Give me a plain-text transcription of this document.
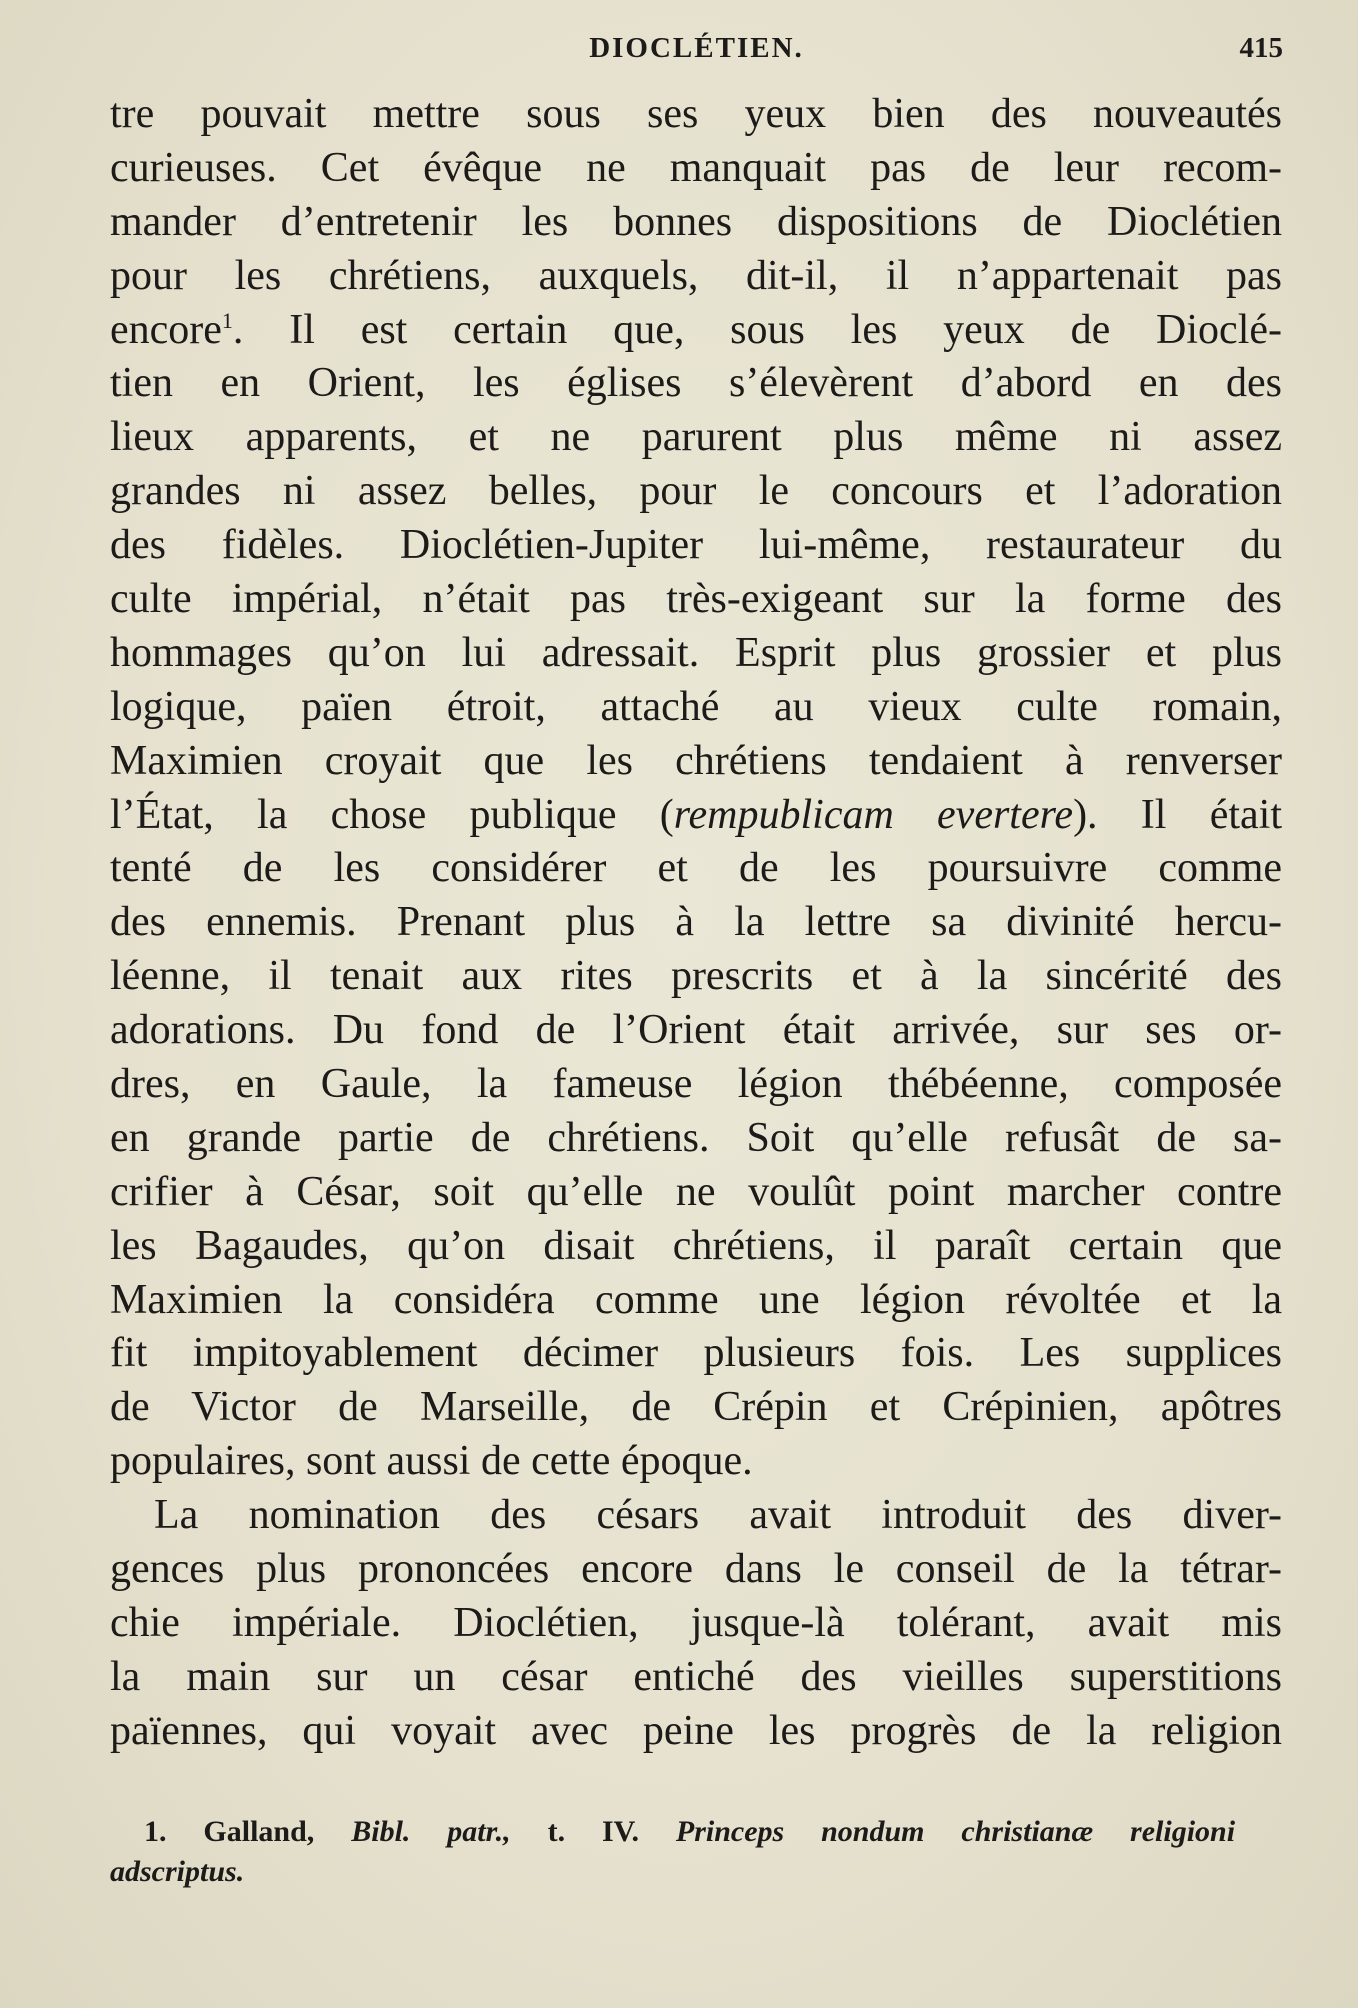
DIOCLÉTIEN.	415
tre pouvait mettre sous ses yeux bien des nouveautés
curieuses. Cet évêque ne manquait pas de leur recom-
mander d’entretenir les bonnes dispositions de Dioclétien
pour les chrétiens, auxquels, dit-il, il n’appartenait pas
encore$^1$. Il est certain que, sous les yeux de Dioclé-
tien en Orient, les églises s’élevèrent d’abord en des
lieux apparents, et ne parurent plus même ni assez
grandes ni assez belles, pour le concours et l’adoration
des fidèles. Dioclétien-Jupiter lui-même, restaurateur du
culte impérial, n’était pas très-exigeant sur la forme des
hommages qu’on lui adressait. Esprit plus grossier et plus
logique, païen étroit, attaché au vieux culte romain,
Maximien croyait que les chrétiens tendaient à renverser
l’État, la chose publique (rempublicam evertere). Il était
tenté de les considérer et de les poursuivre comme
des ennemis. Prenant plus à la lettre sa divinité hercu-
léenne, il tenait aux rites prescrits et à la sincérité des
adorations. Du fond de l’Orient était arrivée, sur ses or-
dres, en Gaule, la fameuse légion thébéenne, composée
en grande partie de chrétiens. Soit qu’elle refusât de sa-
crifier à César, soit qu’elle ne voulût point marcher contre
les Bagaudes, qu’on disait chrétiens, il paraît certain que
Maximien la considéra comme une légion révoltée et la
fit impitoyablement décimer plusieurs fois. Les supplices
de Victor de Marseille, de Crépin et Crépinien, apôtres
populaires, sont aussi de cette époque.
La nomination des césars avait introduit des diver-
gences plus prononcées encore dans le conseil de la tétrar-
chie impériale. Dioclétien, jusque-là tolérant, avait mis
la main sur un césar entiché des vieilles superstitions
païennes, qui voyait avec peine les progrès de la religion
1. Galland, Bibl. patr., t. IV. Princeps nondum christianæ religioni
adscriptus.
